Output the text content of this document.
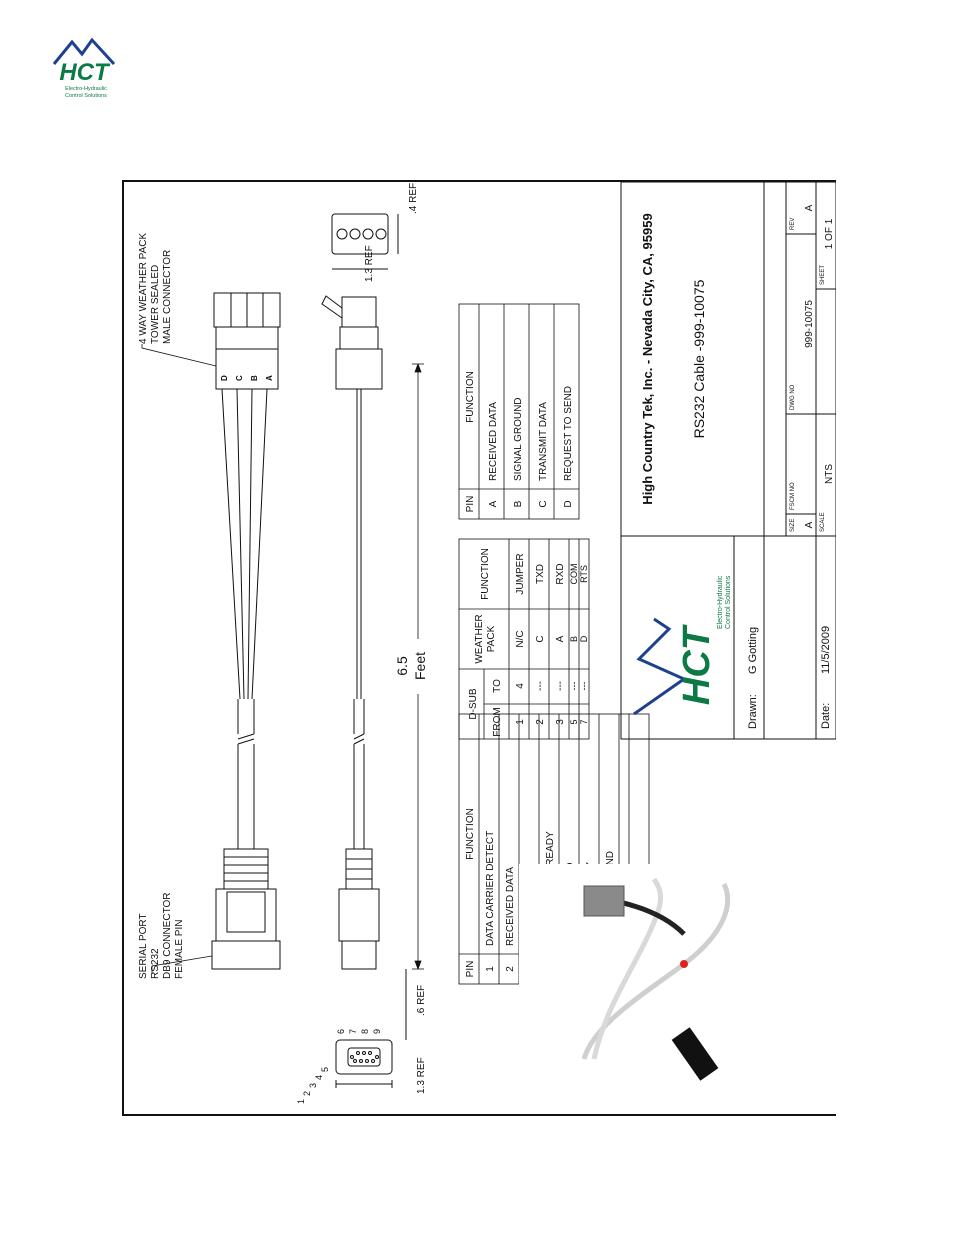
HCT
Electro-Hydraulic
Control Solutions
D C B A
SERIAL PORT RS232 DB9 CONNECTOR FEMALE PIN
4 WAY WEATHER PACK TOWER SEALED MALE CONNECTOR
6.5 Feet
1
2
3
4
5
6 7 8 9
1.3 REF
.6 REF
1.3 REF
.4 REF
PIN
FUNCTION
1
DATA CARRIER DETECT
2
RECEIVED DATA
D-SUB
FROM
TO
WEATHER PACK
FUNCTION
1
4
N/C
JUMPER
2
---
C
TXD
3
---
A
RXD
5
---
B
COM
7
---
D
RTS
PIN
FUNCTION
A
RECEIVED DATA
B
SIGNAL GROUND
C
TRANSMIT DATA
D
REQUEST TO SEND
HCT
Electro-Hydraulic Control Solutions
Drawn:
G Gotting
Date:
11/5/2009
High Country Tek, Inc. - Nevada City, CA, 95959	RS232 Cable -999-10075
SIZE A
FSCM NO
DWG NO
999-10075
REV
A
SCALE
NTS
SHEET
1 OF 1
